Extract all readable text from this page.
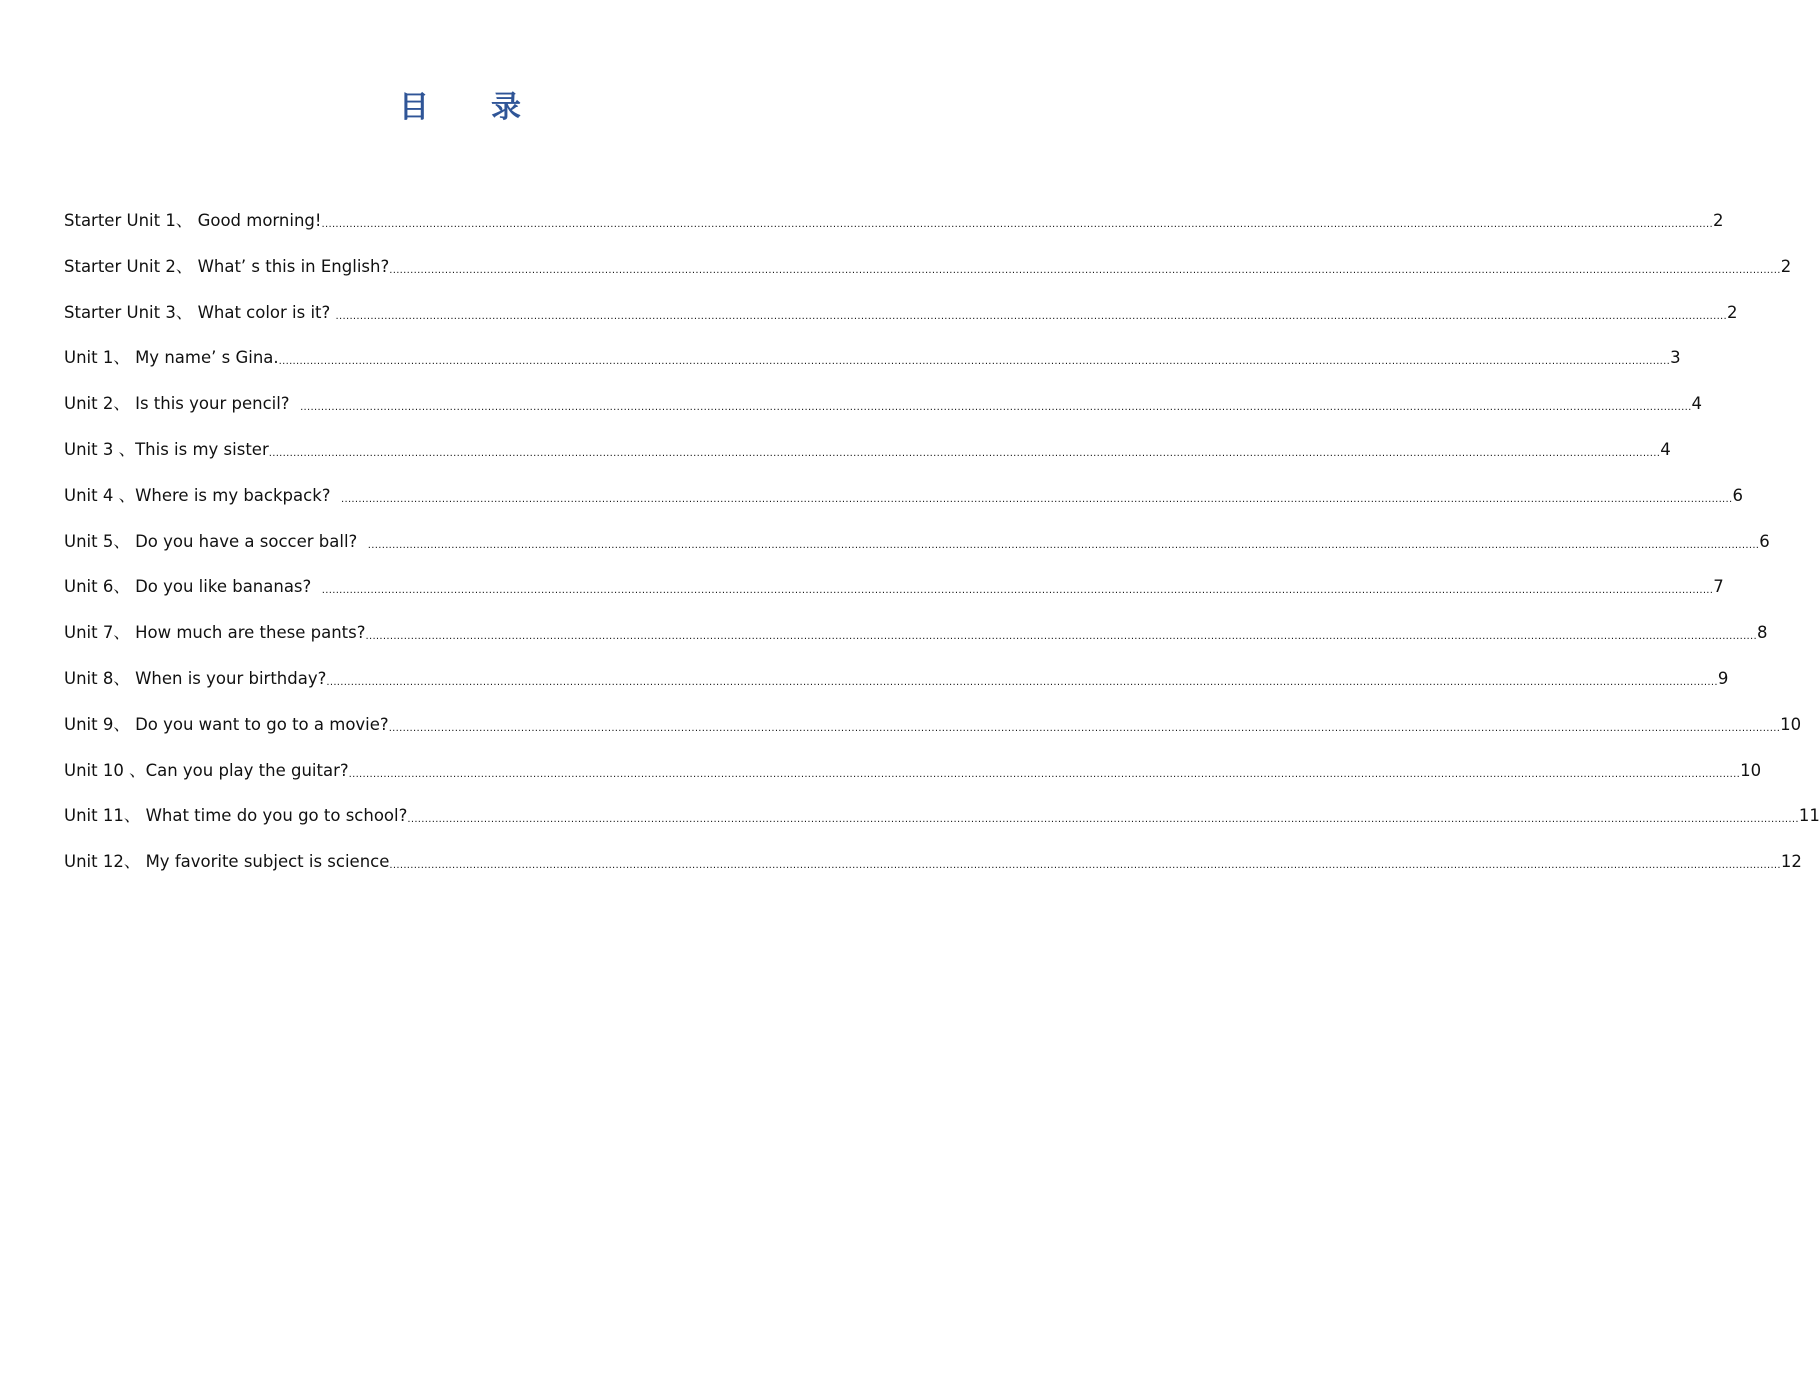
目 录
Starter Unit 1、 Good morning! ................................................................................................................................................................................................................................................................................................................................................................................................................ 2
Starter Unit 2、 What’ s this in English? ................................................................................................................................................................................................................................................................................................................................................................................................................ 2
Starter Unit 3、 What color is it? ................................................................................................................................................................................................................................................................................................................................................................................................................ 2
Unit 1、 My name’ s Gina. ................................................................................................................................................................................................................................................................................................................................................................................................................ 3
Unit 2、 Is this your pencil? ................................................................................................................................................................................................................................................................................................................................................................................................................ 4
Unit 3 、This is my sister ................................................................................................................................................................................................................................................................................................................................................................................................................ 4
Unit 4 、Where is my backpack? ................................................................................................................................................................................................................................................................................................................................................................................................................ 6
Unit 5、 Do you have a soccer ball? ................................................................................................................................................................................................................................................................................................................................................................................................................ 6
Unit 6、 Do you like bananas? ................................................................................................................................................................................................................................................................................................................................................................................................................ 7
Unit 7、 How much are these pants? ................................................................................................................................................................................................................................................................................................................................................................................................................ 8
Unit 8、 When is your birthday? ................................................................................................................................................................................................................................................................................................................................................................................................................ 9
Unit 9、 Do you want to go to a movie? ................................................................................................................................................................................................................................................................................................................................................................................................................ 10
Unit 10 、Can you play the guitar? ................................................................................................................................................................................................................................................................................................................................................................................................................ 10
Unit 11、 What time do you go to school? ................................................................................................................................................................................................................................................................................................................................................................................................................ 11
Unit 12、 My favorite subject is science ................................................................................................................................................................................................................................................................................................................................................................................................................ 12
